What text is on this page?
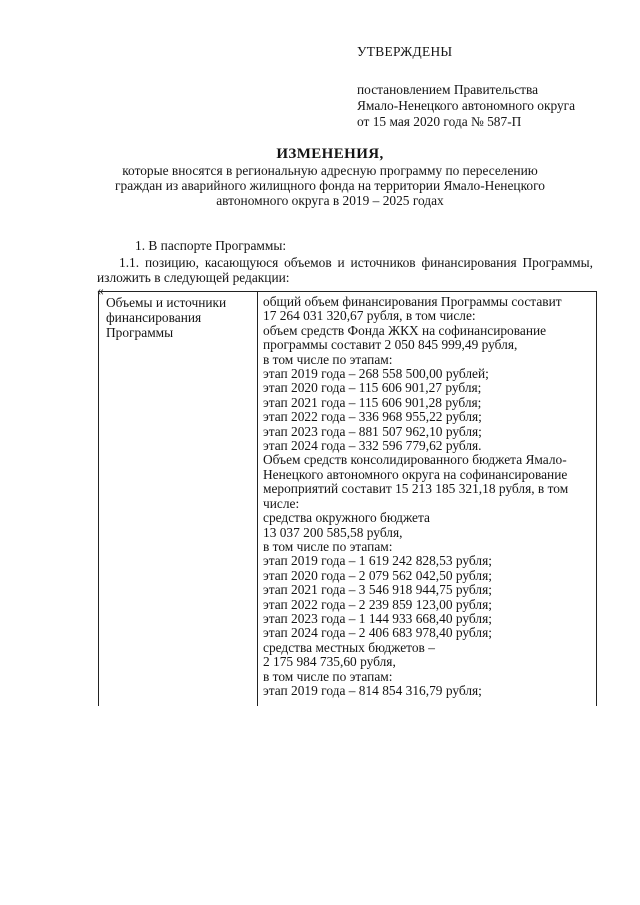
УТВЕРЖДЕНЫ
постановлением Правительства
Ямало-Ненецкого автономного округа
от 15 мая 2020 года № 587-П
ИЗМЕНЕНИЯ,
которые вносятся в региональную адресную программу по переселению
граждан из аварийного жилищного фонда на территории Ямало-Ненецкого
автономного округа в 2019 – 2025 годах
1. В паспорте Программы:
1.1. позицию, касающуюся объемов и источников финансирования Программы, изложить в следующей редакции:
«
Объемы и источники
финансирования
Программы
общий объем финансирования Программы составит
17 264 031 320,67 рубля, в том числе:
объем средств Фонда ЖКХ на софинансирование
программы составит 2 050 845 999,49 рубля,
в том числе по этапам:
этап 2019 года – 268 558 500,00 рублей;
этап 2020 года – 115 606 901,27 рубля;
этап 2021 года – 115 606 901,28 рубля;
этап 2022 года – 336 968 955,22 рубля;
этап 2023 года – 881 507 962,10 рубля;
этап 2024 года – 332 596 779,62 рубля.
Объем средств консолидированного бюджета Ямало-
Ненецкого автономного округа на софинансирование
мероприятий составит 15 213 185 321,18 рубля, в том
числе:
средства окружного бюджета
13 037 200 585,58 рубля,
в том числе по этапам:
этап 2019 года – 1 619 242 828,53 рубля;
этап 2020 года – 2 079 562 042,50 рубля;
этап 2021 года – 3 546 918 944,75 рубля;
этап 2022 года – 2 239 859 123,00 рубля;
этап 2023 года – 1 144 933 668,40 рубля;
этап 2024 года – 2 406 683 978,40 рубля;
средства местных бюджетов –
2 175 984 735,60 рубля,
в том числе по этапам:
этап 2019 года – 814 854 316,79 рубля;
